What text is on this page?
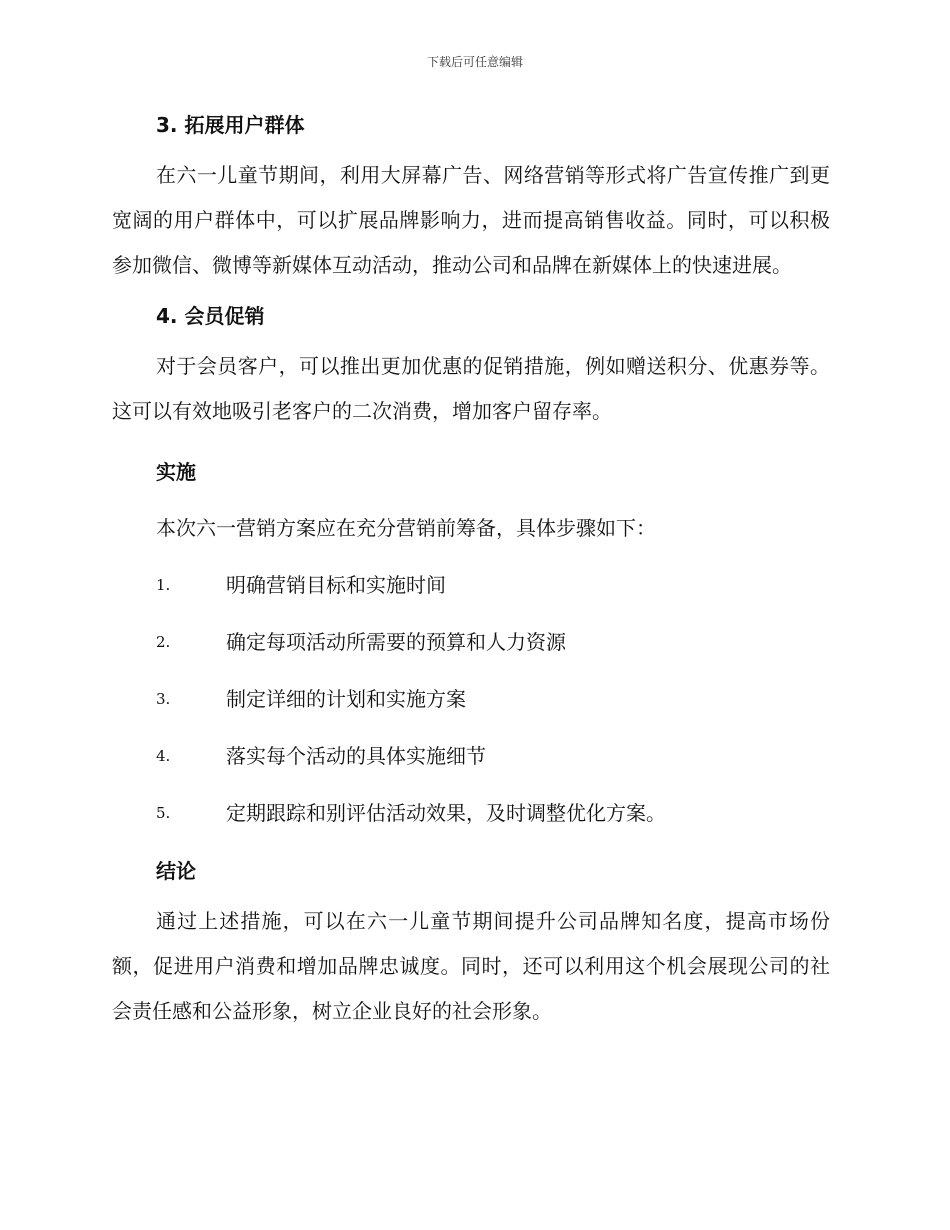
下载后可任意编辑
3. 拓展用户群体

在六一儿童节期间，利用大屏幕广告、网络营销等形式将广告宣传推广到更宽阔的用户群体中，可以扩展品牌影响力，进而提高销售收益。同时，可以积极参加微信、微博等新媒体互动活动，推动公司和品牌在新媒体上的快速进展。

4. 会员促销

对于会员客户，可以推出更加优惠的促销措施，例如赠送积分、优惠券等。这可以有效地吸引老客户的二次消费，增加客户留存率。

实施

本次六一营销方案应在充分营销前筹备，具体步骤如下：

1.	明确营销目标和实施时间
2.	确定每项活动所需要的预算和人力资源
3.	制定详细的计划和实施方案
4.	落实每个活动的具体实施细节
5.	定期跟踪和别评估活动效果，及时调整优化方案。
结论

通过上述措施，可以在六一儿童节期间提升公司品牌知名度，提高市场份额，促进用户消费和增加品牌忠诚度。同时，还可以利用这个机会展现公司的社会责任感和公益形象，树立企业良好的社会形象。
